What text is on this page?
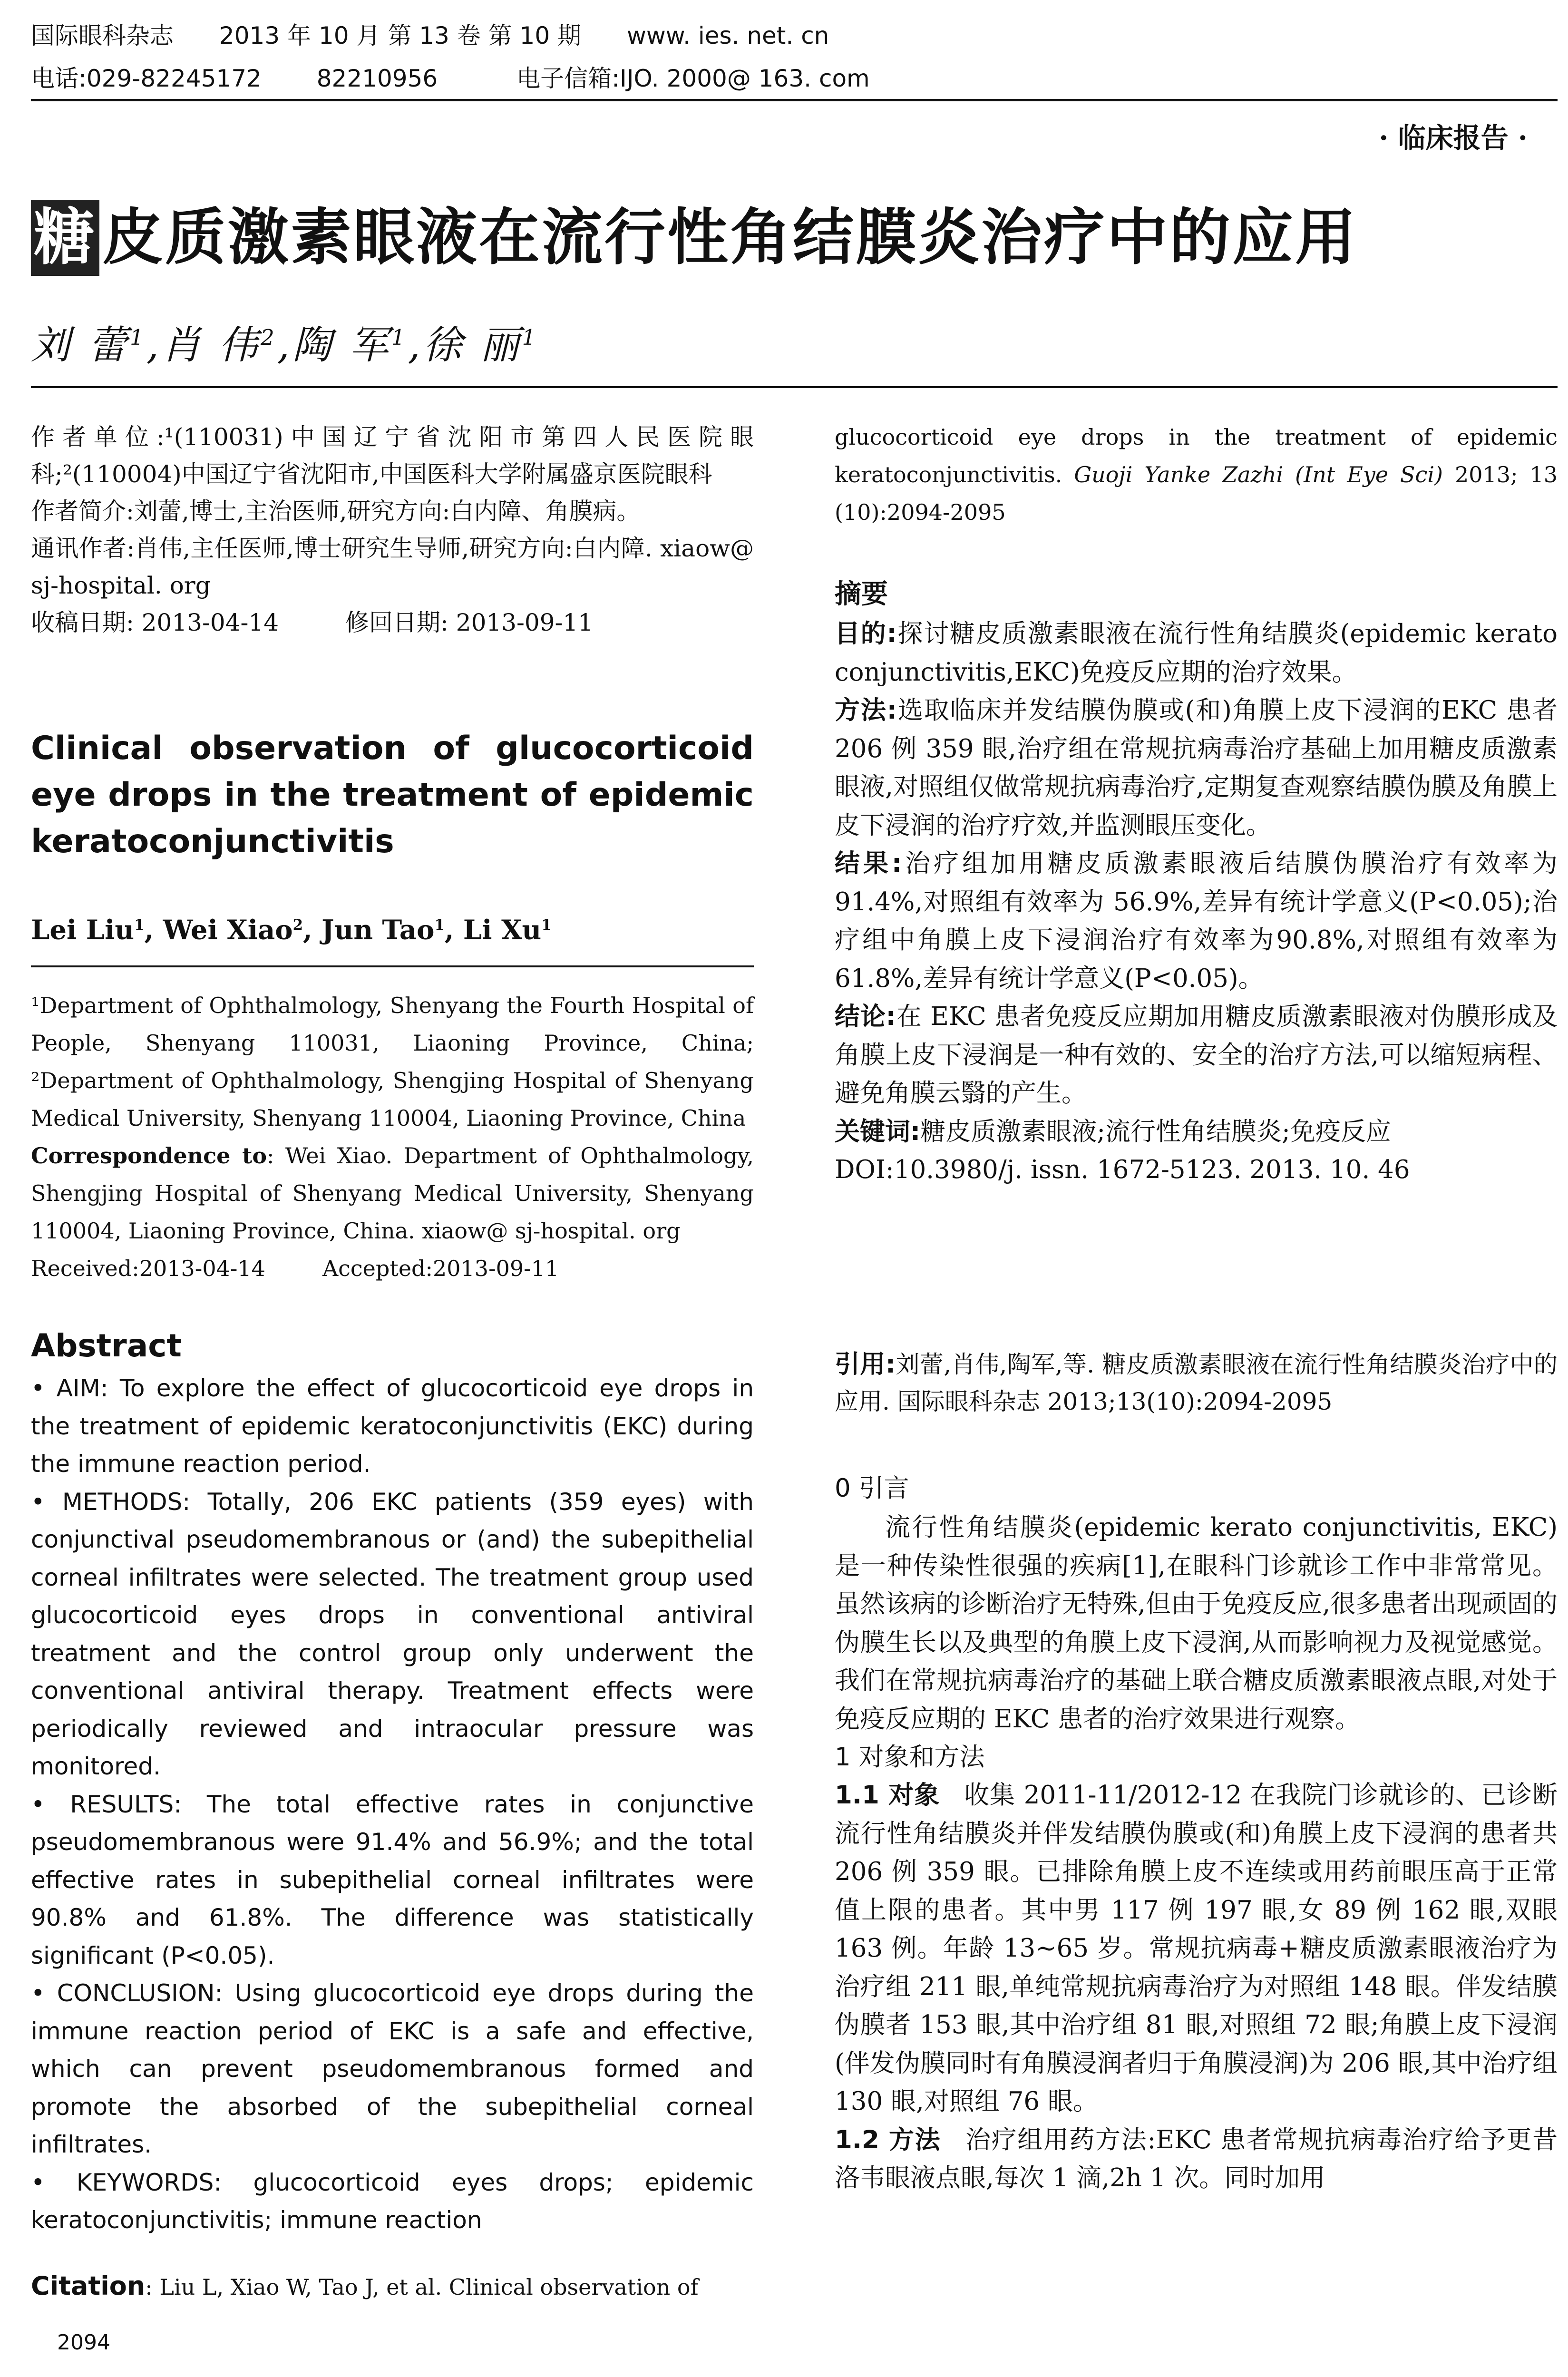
国际眼科杂志 2013 年 10 月 第 13 卷 第 10 期 www. ies. net. cn
电话:029-82245172 82210956	电子信箱:IJO. 2000@ 163. com
· 临床报告 ·
糖皮质激素眼液在流行性角结膜炎治疗中的应用
刘 蕾$^1$,肖 伟$^2$,陶 军$^1$,徐 丽$^1$

作者单位:¹(110031)中国辽宁省沈阳市第四人民医院眼科;²(110004)中国辽宁省沈阳市,中国医科大学附属盛京医院眼科

作者简介:刘蕾,博士,主治医师,研究方向:白内障、角膜病。

通讯作者:肖伟,主任医师,博士研究生导师,研究方向:白内障. xiaow@ sj-hospital. org

收稿日期: 2013-04-14	修回日期: 2013-09-11

Clinical observation of glucocorticoid eye drops in the treatment of epidemic keratoconjunctivitis

Lei Liu$^1$, Wei Xiao$^2$, Jun Tao$^1$, Li Xu$^1$

¹Department of Ophthalmology, Shenyang the Fourth Hospital of People, Shenyang 110031, Liaoning Province, China; ²Department of Ophthalmology, Shengjing Hospital of Shenyang Medical University, Shenyang 110004, Liaoning Province, China

Correspondence to: Wei Xiao. Department of Ophthalmology, Shengjing Hospital of Shenyang Medical University, Shenyang 110004, Liaoning Province, China. xiaow@ sj-hospital. org

Received:2013-04-14	Accepted:2013-09-11

Abstract

• AIM: To explore the effect of glucocorticoid eye drops in the treatment of epidemic keratoconjunctivitis (EKC) during the immune reaction period.

• METHODS: Totally, 206 EKC patients (359 eyes) with conjunctival pseudomembranous or (and) the subepithelial corneal infiltrates were selected. The treatment group used glucocorticoid eyes drops in conventional antiviral treatment and the control group only underwent the conventional antiviral therapy. Treatment effects were periodically reviewed and intraocular pressure was monitored.

• RESULTS: The total effective rates in conjunctive pseudomembranous were 91.4% and 56.9%; and the total effective rates in subepithelial corneal infiltrates were 90.8% and 61.8%. The difference was statistically significant (P<0.05).

• CONCLUSION: Using glucocorticoid eye drops during the immune reaction period of EKC is a safe and effective, which can prevent pseudomembranous formed and promote the absorbed of the subepithelial corneal infiltrates.

• KEYWORDS: glucocorticoid eyes drops; epidemic keratoconjunctivitis; immune reaction

Citation: Liu L, Xiao W, Tao J, et al. Clinical observation of
2094

glucocorticoid eye drops in the treatment of epidemic keratoconjunctivitis. Guoji Yanke Zazhi (Int Eye Sci) 2013; 13 (10):2094-2095

摘要

目的:探讨糖皮质激素眼液在流行性角结膜炎(epidemic kerato conjunctivitis,EKC)免疫反应期的治疗效果。

方法:选取临床并发结膜伪膜或(和)角膜上皮下浸润的EKC 患者 206 例 359 眼,治疗组在常规抗病毒治疗基础上加用糖皮质激素眼液,对照组仅做常规抗病毒治疗,定期复查观察结膜伪膜及角膜上皮下浸润的治疗疗效,并监测眼压变化。

结果:治疗组加用糖皮质激素眼液后结膜伪膜治疗有效率为 91.4%,对照组有效率为 56.9%,差异有统计学意义(P<0.05);治疗组中角膜上皮下浸润治疗有效率为90.8%,对照组有效率为 61.8%,差异有统计学意义(P<0.05)。

结论:在 EKC 患者免疫反应期加用糖皮质激素眼液对伪膜形成及角膜上皮下浸润是一种有效的、安全的治疗方法,可以缩短病程、避免角膜云翳的产生。

关键词:糖皮质激素眼液;流行性角结膜炎;免疫反应

DOI:10.3980/j. issn. 1672-5123. 2013. 10. 46

引用:刘蕾,肖伟,陶军,等. 糖皮质激素眼液在流行性角结膜炎治疗中的应用. 国际眼科杂志 2013;13(10):2094-2095

0 引言

流行性角结膜炎(epidemic kerato conjunctivitis, EKC)是一种传染性很强的疾病[1],在眼科门诊就诊工作中非常常见。虽然该病的诊断治疗无特殊,但由于免疫反应,很多患者出现顽固的伪膜生长以及典型的角膜上皮下浸润,从而影响视力及视觉感觉。我们在常规抗病毒治疗的基础上联合糖皮质激素眼液点眼,对处于免疫反应期的 EKC 患者的治疗效果进行观察。

1 对象和方法

1.1 对象 收集 2011-11/2012-12 在我院门诊就诊的、已诊断流行性角结膜炎并伴发结膜伪膜或(和)角膜上皮下浸润的患者共 206 例 359 眼。已排除角膜上皮不连续或用药前眼压高于正常值上限的患者。其中男 117 例 197 眼,女 89 例 162 眼,双眼 163 例。年龄 13~65 岁。常规抗病毒+糖皮质激素眼液治疗为治疗组 211 眼,单纯常规抗病毒治疗为对照组 148 眼。伴发结膜伪膜者 153 眼,其中治疗组 81 眼,对照组 72 眼;角膜上皮下浸润(伴发伪膜同时有角膜浸润者归于角膜浸润)为 206 眼,其中治疗组 130 眼,对照组 76 眼。

1.2 方法 治疗组用药方法:EKC 患者常规抗病毒治疗给予更昔洛韦眼液点眼,每次 1 滴,2h 1 次。同时加用
